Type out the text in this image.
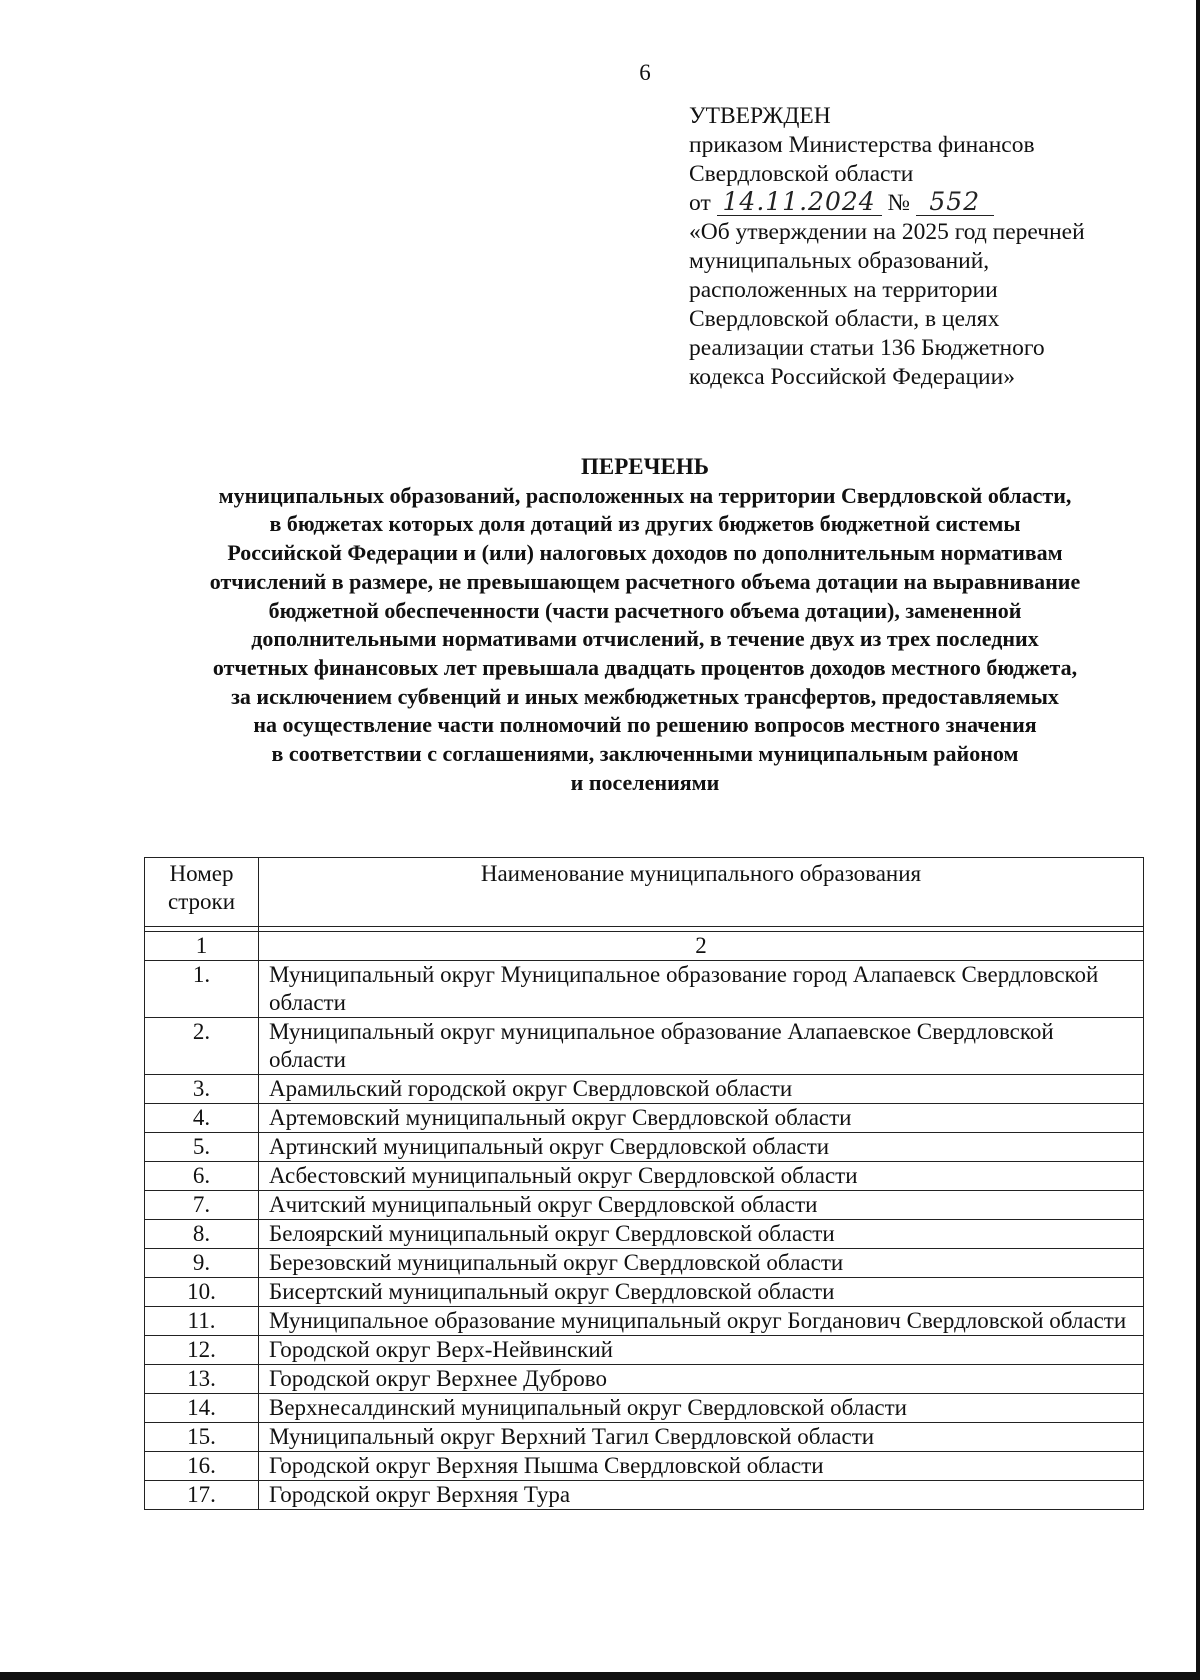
6
УТВЕРЖДЕН
приказом Министерства финансов
Свердловской области
от 14.11.2024 № 552
«Об утверждении на 2025 год перечней
муниципальных образований,
расположенных на территории
Свердловской области, в целях
реализации статьи 136 Бюджетного
кодекса Российской Федерации»
ПЕРЕЧЕНЬ
муниципальных образований, расположенных на территории Свердловской области,
в бюджетах которых доля дотаций из других бюджетов бюджетной системы
Российской Федерации и (или) налоговых доходов по дополнительным нормативам
отчислений в размере, не превышающем расчетного объема дотации на выравнивание
бюджетной обеспеченности (части расчетного объема дотации), замененной
дополнительными нормативами отчислений, в течение двух из трех последних
отчетных финансовых лет превышала двадцать процентов доходов местного бюджета,
за исключением субвенций и иных межбюджетных трансфертов, предоставляемых
на осуществление части полномочий по решению вопросов местного значения
в соответствии с соглашениями, заключенными муниципальным районом
и поселениями
Номер
строки	Наименование муниципального образования

1	2
1.	Муниципальный округ Муниципальное образование город Алапаевск Свердловской области
2.	Муниципальный округ муниципальное образование Алапаевское Свердловской области
3.	Арамильский городской округ Свердловской области
4.	Артемовский муниципальный округ Свердловской области
5.	Артинский муниципальный округ Свердловской области
6.	Асбестовский муниципальный округ Свердловской области
7.	Ачитский муниципальный округ Свердловской области
8.	Белоярский муниципальный округ Свердловской области
9.	Березовский муниципальный округ Свердловской области
10.	Бисертский муниципальный округ Свердловской области
11.	Муниципальное образование муниципальный округ Богданович Свердловской области
12.	Городской округ Верх-Нейвинский
13.	Городской округ Верхнее Дуброво
14.	Верхнесалдинский муниципальный округ Свердловской области
15.	Муниципальный округ Верхний Тагил Свердловской области
16.	Городской округ Верхняя Пышма Свердловской области
17.	Городской округ Верхняя Тура
